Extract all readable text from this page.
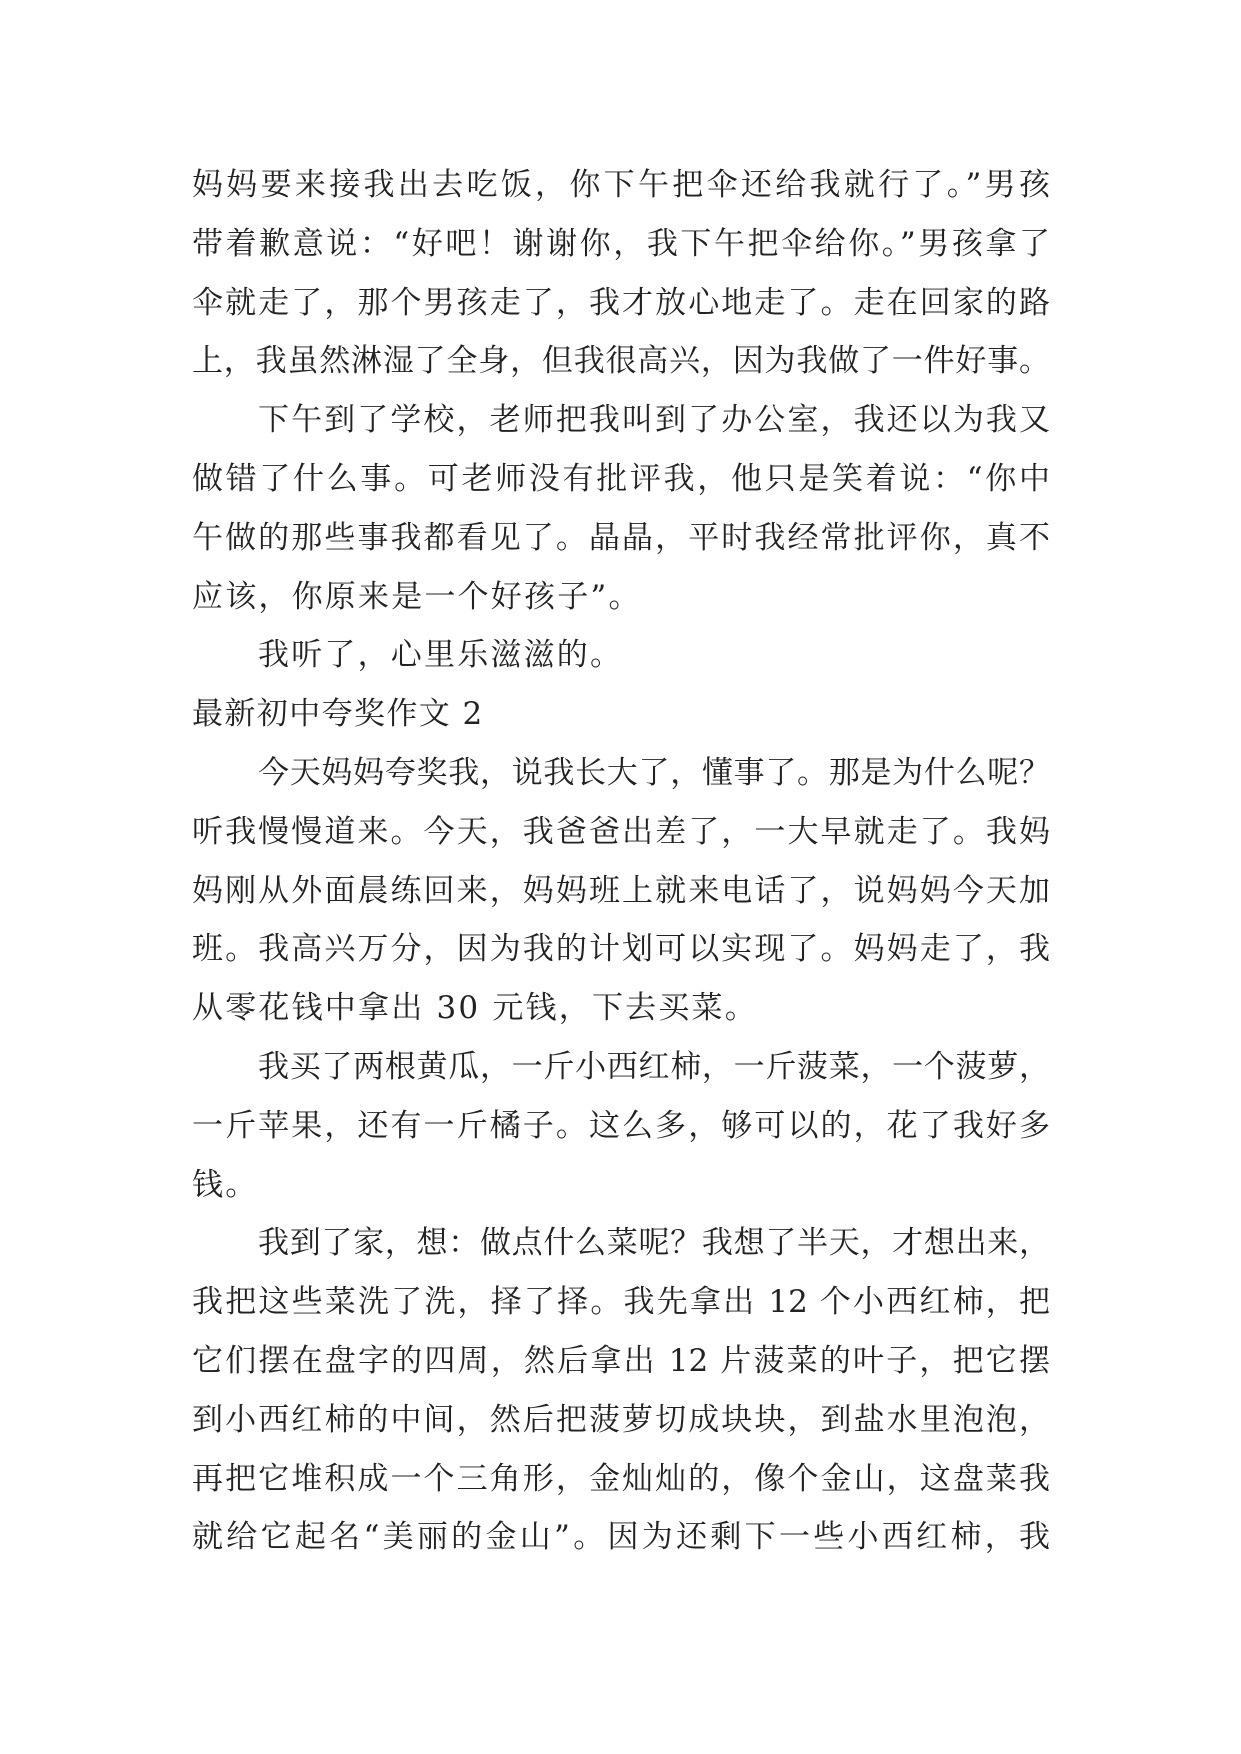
妈妈要来接我出去吃饭，你下午把伞还给我就行了。”男孩
带着歉意说：“好吧！谢谢你，我下午把伞给你。”男孩拿了
伞就走了，那个男孩走了，我才放心地走了。走在回家的路
上，我虽然淋湿了全身，但我很高兴，因为我做了一件好事。
下午到了学校，老师把我叫到了办公室，我还以为我又
做错了什么事。可老师没有批评我，他只是笑着说：“你中
午做的那些事我都看见了。晶晶，平时我经常批评你，真不
应该，你原来是一个好孩子”。
我听了，心里乐滋滋的。
最新初中夸奖作文 2
今天妈妈夸奖我，说我长大了，懂事了。那是为什么呢？
听我慢慢道来。今天，我爸爸出差了，一大早就走了。我妈
妈刚从外面晨练回来，妈妈班上就来电话了，说妈妈今天加
班。我高兴万分，因为我的计划可以实现了。妈妈走了，我
从零花钱中拿出 30 元钱，下去买菜。
我买了两根黄瓜，一斤小西红柿，一斤菠菜，一个菠萝，
一斤苹果，还有一斤橘子。这么多，够可以的，花了我好多
钱。
我到了家，想：做点什么菜呢？我想了半天，才想出来，
我把这些菜洗了洗，择了择。我先拿出 12 个小西红柿，把
它们摆在盘字的四周，然后拿出 12 片菠菜的叶子，把它摆
到小西红柿的中间，然后把菠萝切成块块，到盐水里泡泡，
再把它堆积成一个三角形，金灿灿的，像个金山，这盘菜我
就给它起名“美丽的金山”。因为还剩下一些小西红柿，我
